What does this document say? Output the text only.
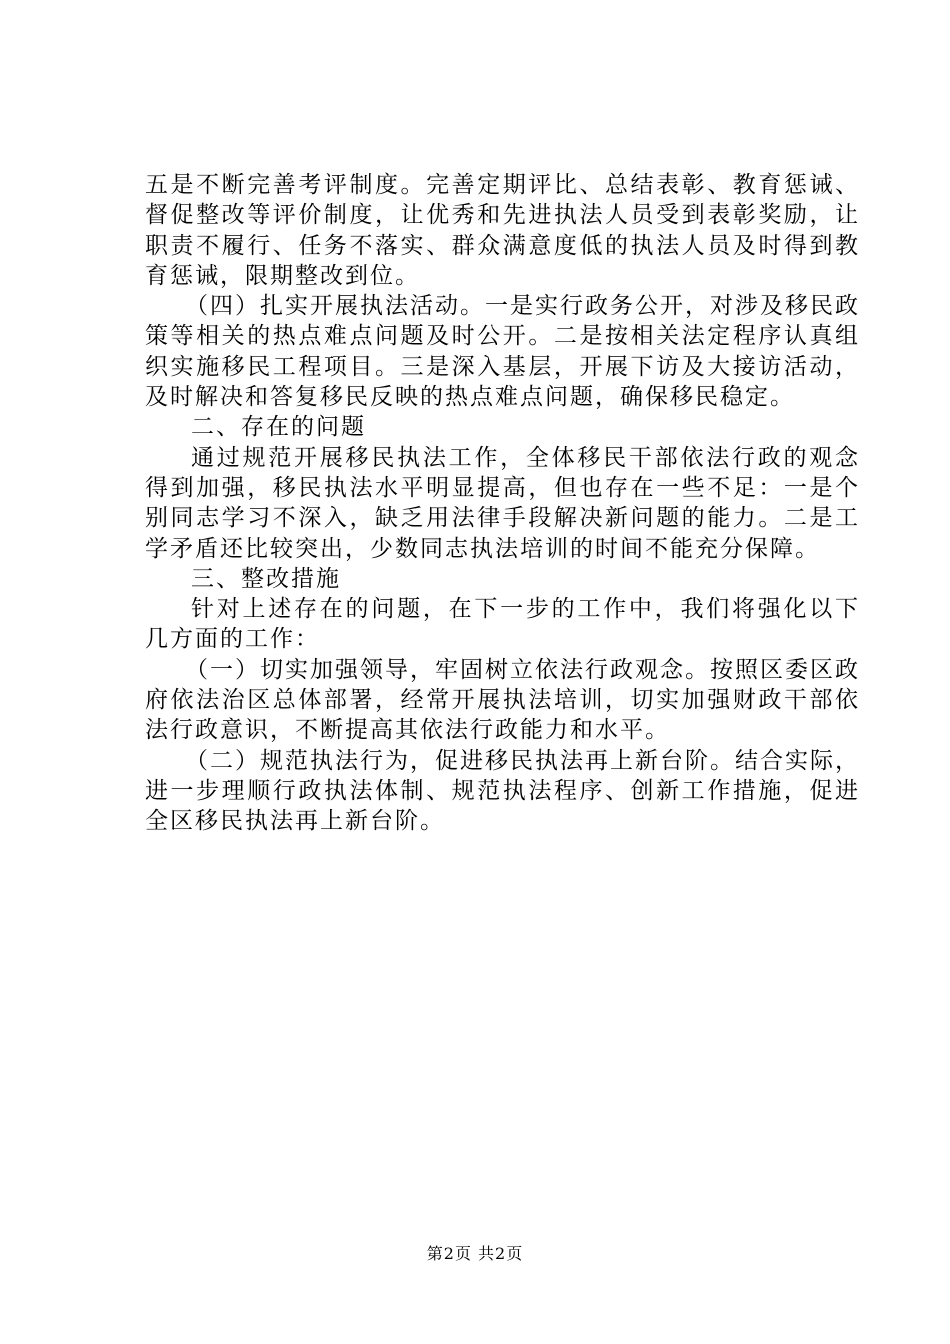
五是不断完善考评制度。完善定期评比、总结表彰、教育惩诫、督促整改等评价制度，让优秀和先进执法人员受到表彰奖励，让职责不履行、任务不落实、群众满意度低的执法人员及时得到教育惩诫，限期整改到位。

（四）扎实开展执法活动。一是实行政务公开，对涉及移民政策等相关的热点难点问题及时公开。二是按相关法定程序认真组织实施移民工程项目。三是深入基层，开展下访及大接访活动，及时解决和答复移民反映的热点难点问题，确保移民稳定。

二、存在的问题

通过规范开展移民执法工作，全体移民干部依法行政的观念得到加强，移民执法水平明显提高，但也存在一些不足：一是个别同志学习不深入，缺乏用法律手段解决新问题的能力。二是工学矛盾还比较突出，少数同志执法培训的时间不能充分保障。

三、整改措施

针对上述存在的问题，在下一步的工作中，我们将强化以下几方面的工作：

（一）切实加强领导，牢固树立依法行政观念。按照区委区政府依法治区总体部署，经常开展执法培训，切实加强财政干部依法行政意识，不断提高其依法行政能力和水平。

（二）规范执法行为，促进移民执法再上新台阶。结合实际，进一步理顺行政执法体制、规范执法程序、创新工作措施，促进全区移民执法再上新台阶。

第2页 共2页
